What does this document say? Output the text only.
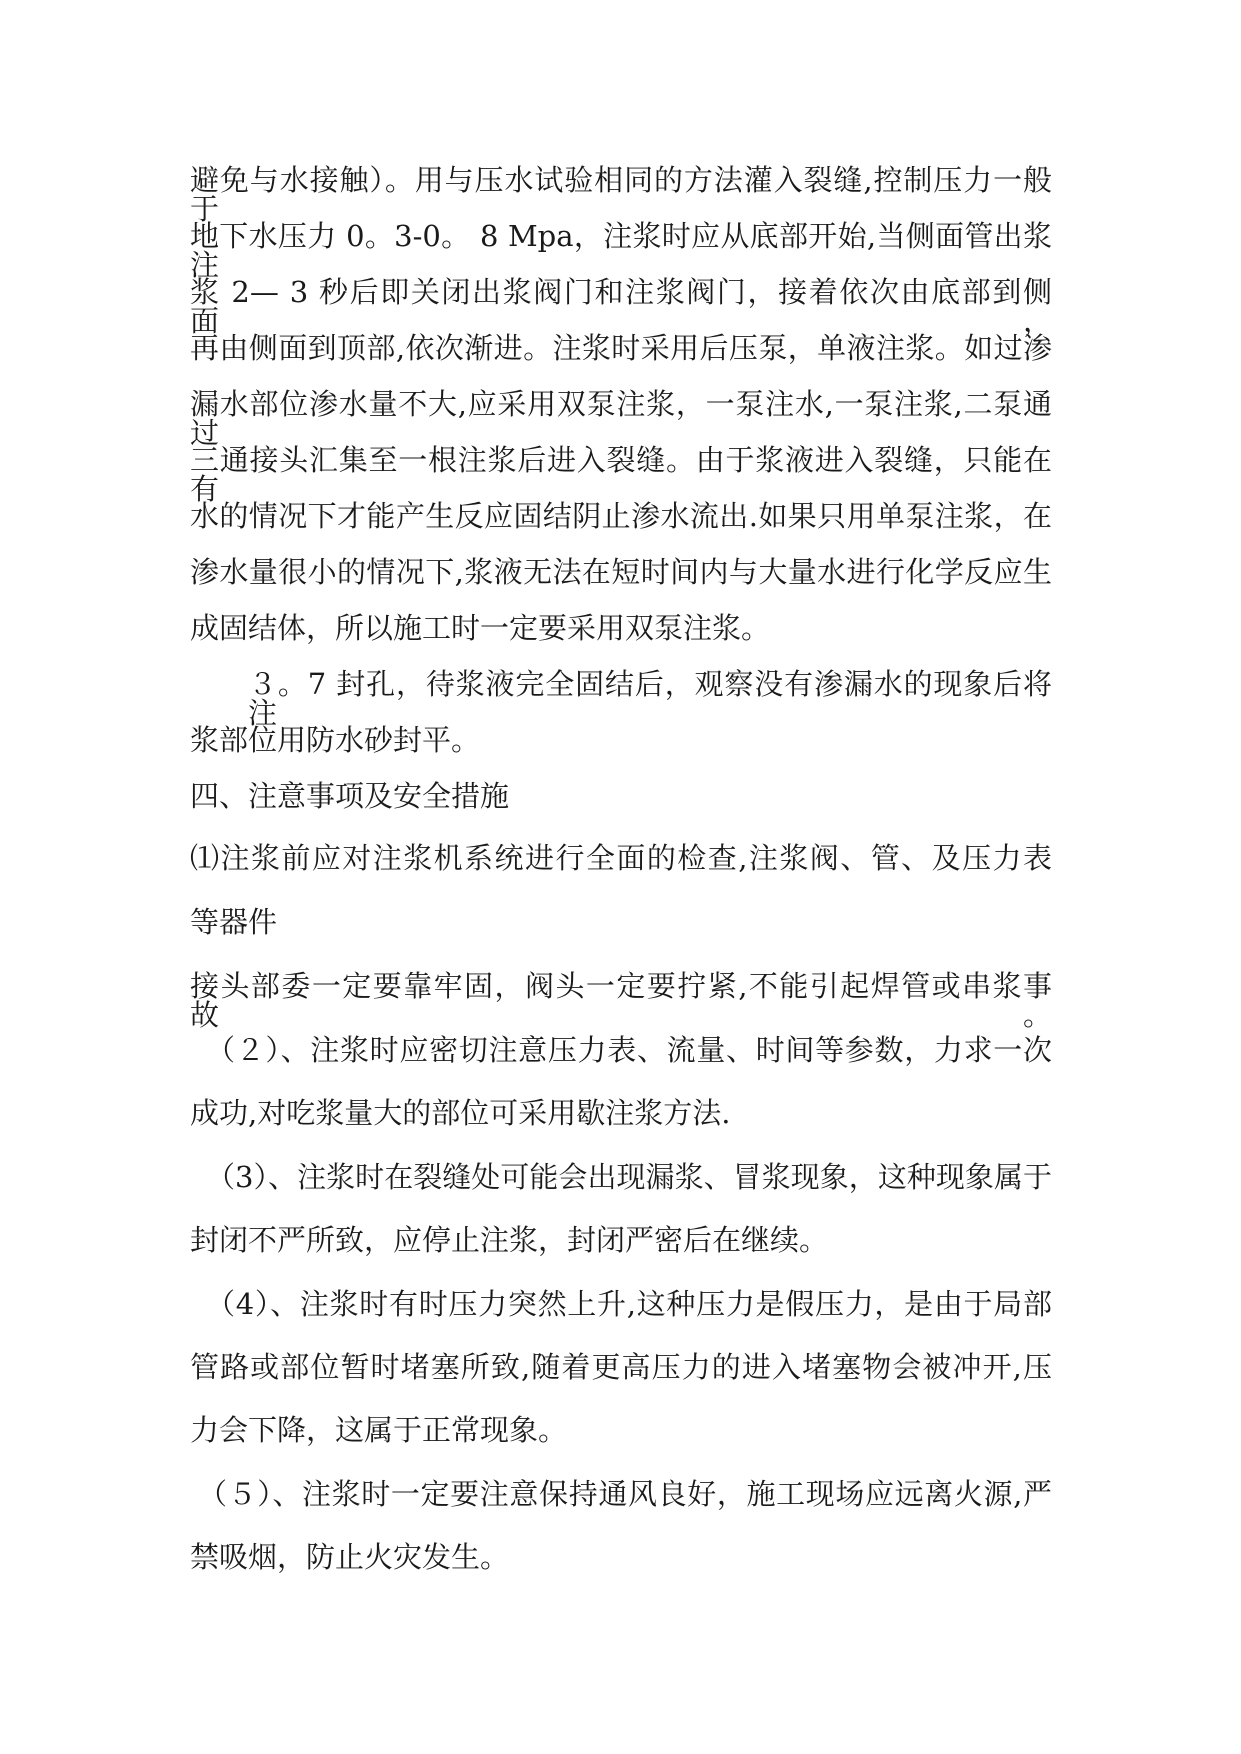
避免与水接触）。用与压水试验相同的方法灌入裂缝,控制压力一般于
地下水压力 0。3-0。 8 Mpa，注浆时应从底部开始,当侧面管出浆注
浆 2— 3 秒后即关闭出浆阀门和注浆阀门，接着依次由底部到侧面，
再由侧面到顶部,依次渐进。注浆时采用后压泵，单液注浆。如过渗
漏水部位渗水量不大,应采用双泵注浆，一泵注水,一泵注浆,二泵通过
三通接头汇集至一根注浆后进入裂缝。由于浆液进入裂缝，只能在有
水的情况下才能产生反应固结阴止渗水流出.如果只用单泵注浆，在
渗水量很小的情况下,浆液无法在短时间内与大量水进行化学反应生
成固结体，所以施工时一定要采用双泵注浆。
３。7 封孔，待浆液完全固结后，观察没有渗漏水的现象后将注
浆部位用防水砂封平。
四、注意事项及安全措施
⑴注浆前应对注浆机系统进行全面的检查,注浆阀、管、及压力表
等器件
接头部委一定要靠牢固，阀头一定要拧紧,不能引起焊管或串浆事故。
（２）、注浆时应密切注意压力表、流量、时间等参数，力求一次
成功,对吃浆量大的部位可采用歇注浆方法.
（3）、注浆时在裂缝处可能会出现漏浆、冒浆现象，这种现象属于
封闭不严所致，应停止注浆，封闭严密后在继续。
（4）、注浆时有时压力突然上升,这种压力是假压力，是由于局部
管路或部位暂时堵塞所致,随着更高压力的进入堵塞物会被冲开,压
力会下降，这属于正常现象。
（５）、注浆时一定要注意保持通风良好，施工现场应远离火源,严
禁吸烟，防止火灾发生。
